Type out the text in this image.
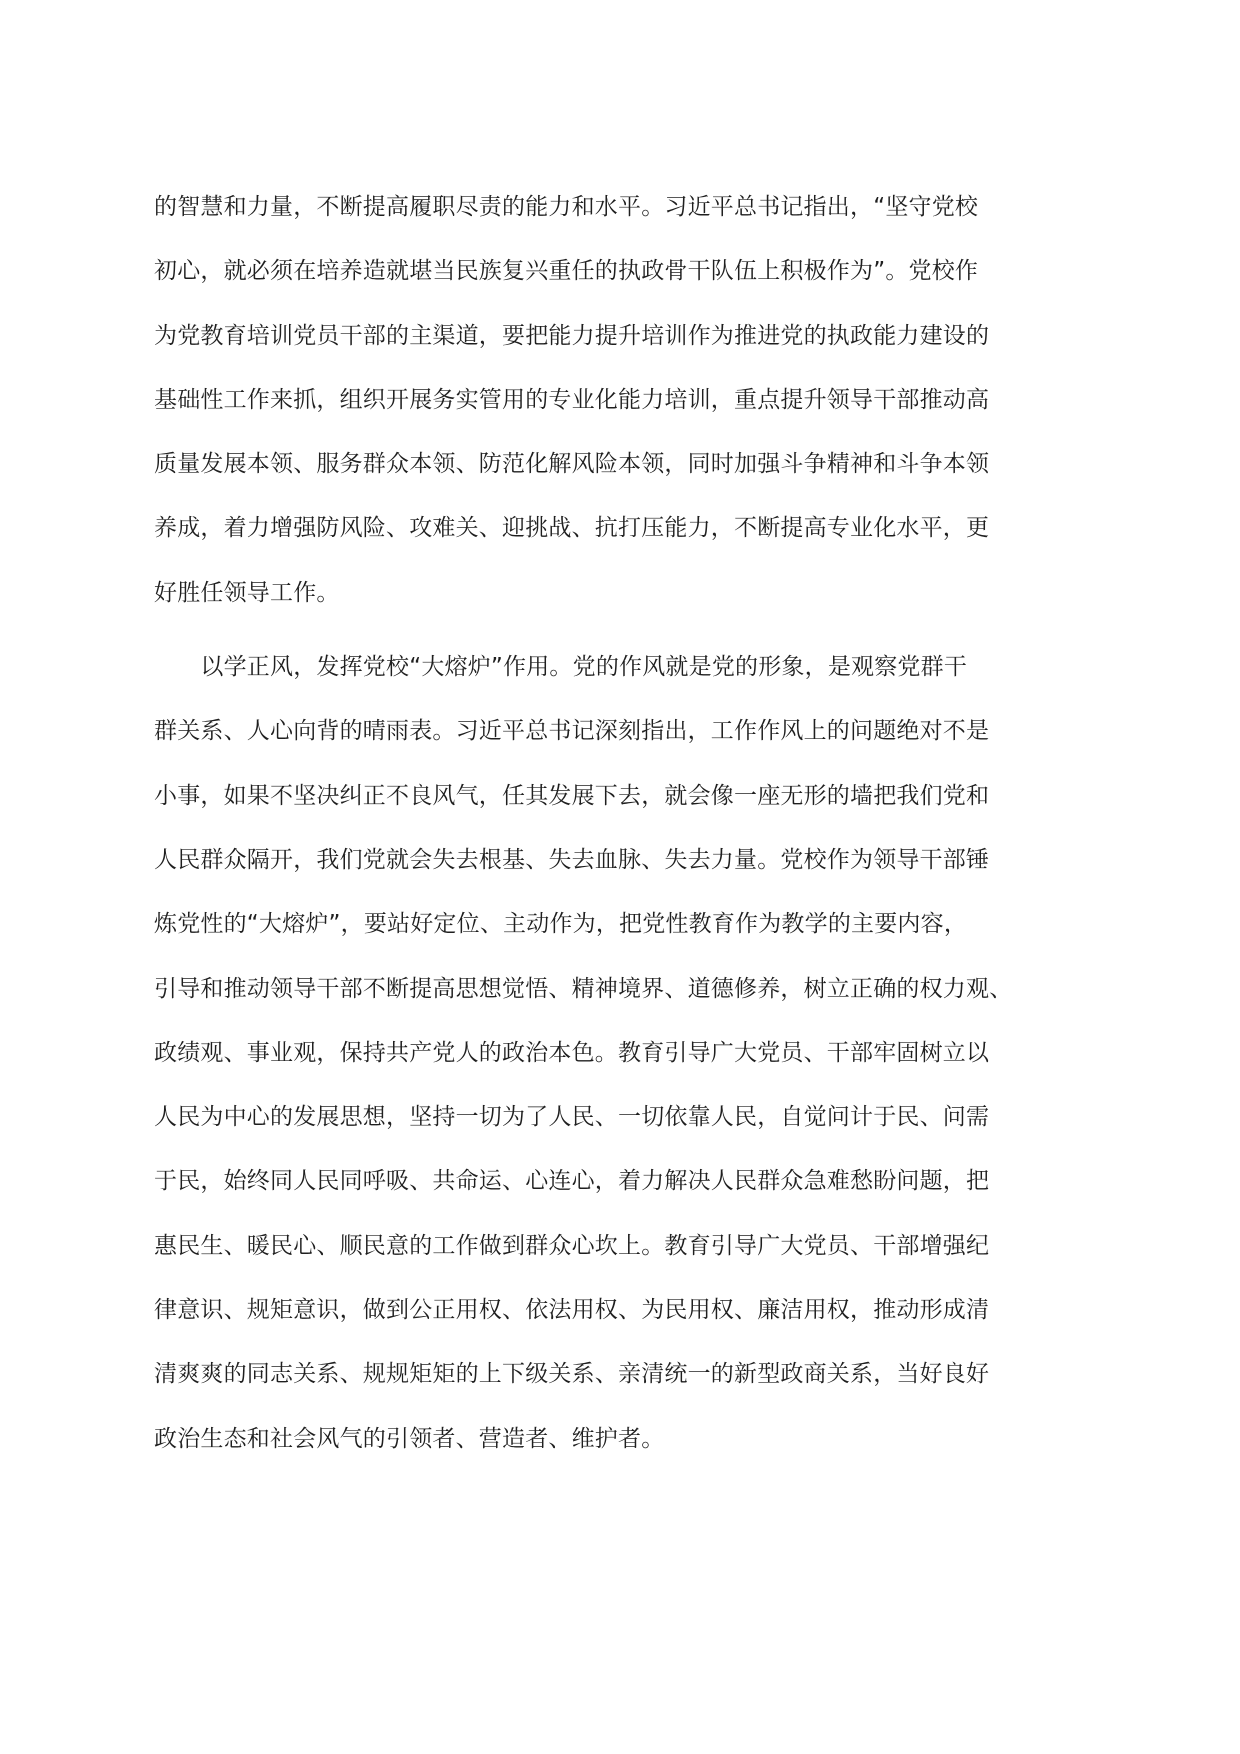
的智慧和力量，不断提高履职尽责的能力和水平。习近平总书记指出，“坚守党校
初心，就必须在培养造就堪当民族复兴重任的执政骨干队伍上积极作为”。党校作
为党教育培训党员干部的主渠道，要把能力提升培训作为推进党的执政能力建设的
基础性工作来抓，组织开展务实管用的专业化能力培训，重点提升领导干部推动高
质量发展本领、服务群众本领、防范化解风险本领，同时加强斗争精神和斗争本领
养成，着力增强防风险、攻难关、迎挑战、抗打压能力，不断提高专业化水平，更
好胜任领导工作。
　　以学正风，发挥党校“大熔炉”作用。党的作风就是党的形象，是观察党群干
群关系、人心向背的晴雨表。习近平总书记深刻指出，工作作风上的问题绝对不是
小事，如果不坚决纠正不良风气，任其发展下去，就会像一座无形的墙把我们党和
人民群众隔开，我们党就会失去根基、失去血脉、失去力量。党校作为领导干部锤
炼党性的“大熔炉”，要站好定位、主动作为，把党性教育作为教学的主要内容，
引导和推动领导干部不断提高思想觉悟、精神境界、道德修养，树立正确的权力观、
政绩观、事业观，保持共产党人的政治本色。教育引导广大党员、干部牢固树立以
人民为中心的发展思想，坚持一切为了人民、一切依靠人民，自觉问计于民、问需
于民，始终同人民同呼吸、共命运、心连心，着力解决人民群众急难愁盼问题，把
惠民生、暖民心、顺民意的工作做到群众心坎上。教育引导广大党员、干部增强纪
律意识、规矩意识，做到公正用权、依法用权、为民用权、廉洁用权，推动形成清
清爽爽的同志关系、规规矩矩的上下级关系、亲清统一的新型政商关系，当好良好
政治生态和社会风气的引领者、营造者、维护者。
